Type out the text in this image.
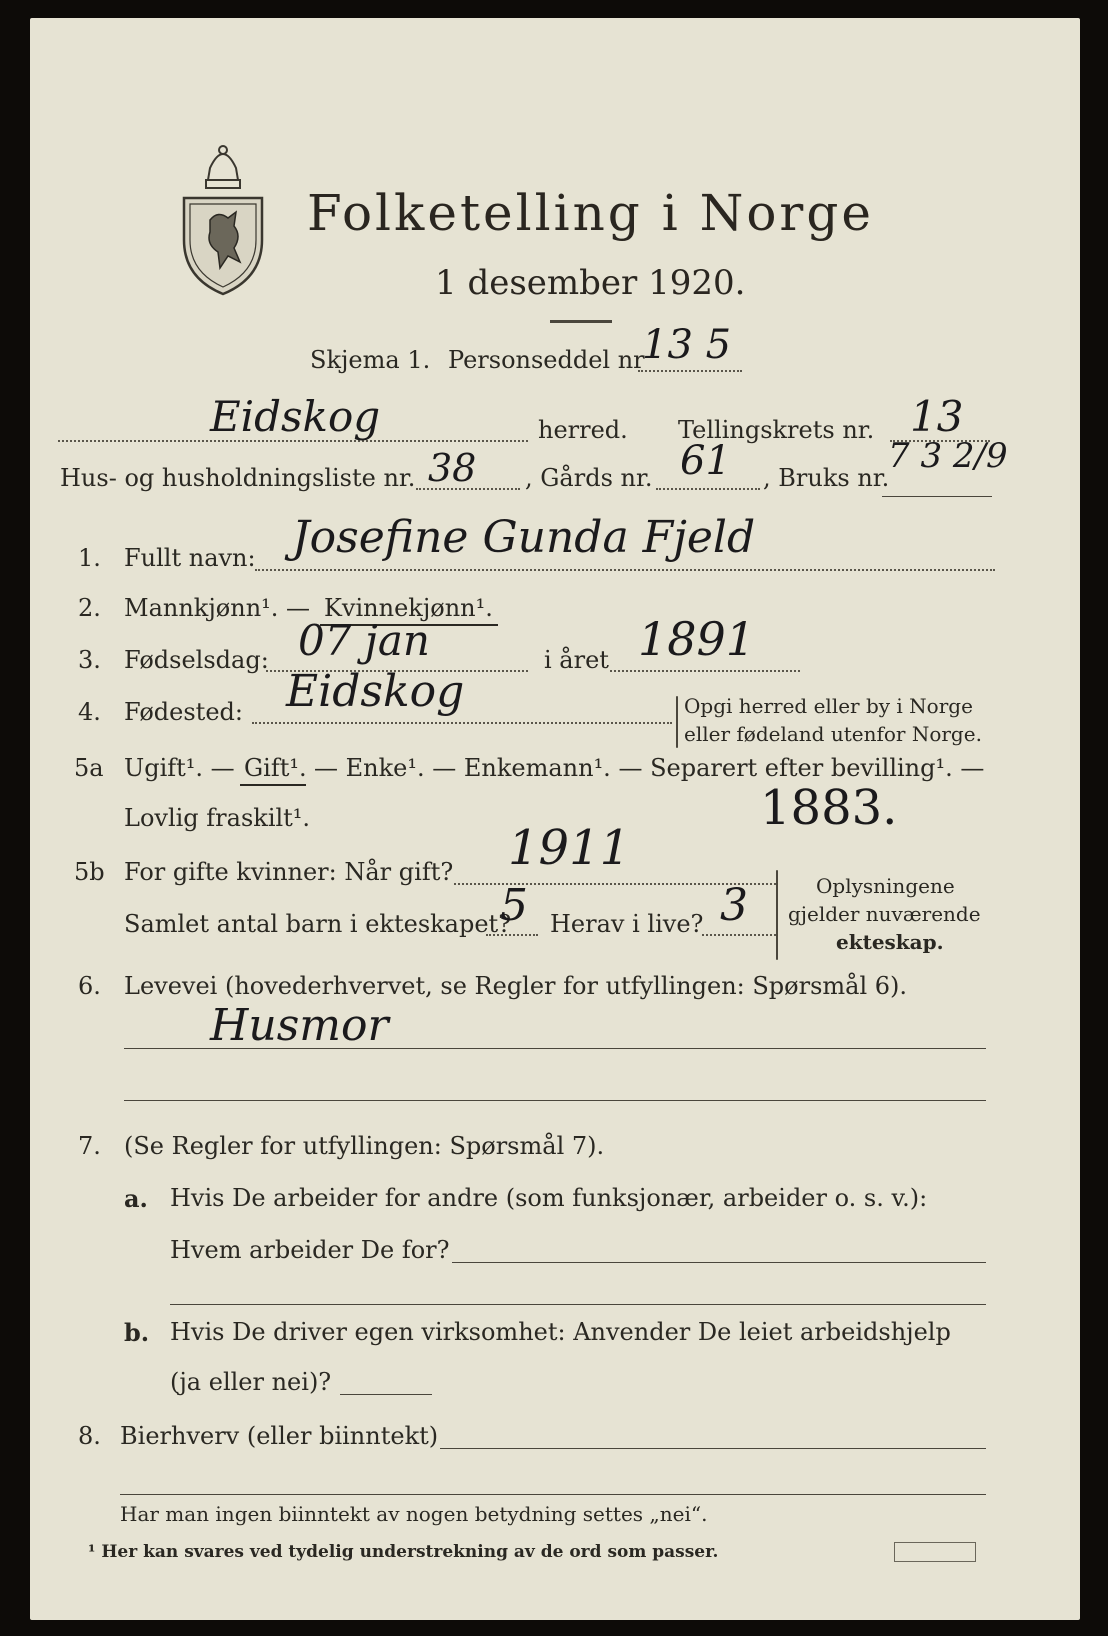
Folketelling i Norge
1 desember 1920.
Skjema 1. Personseddel nr
13 5
Eidskog	herred. Tellingskrets nr. 13
Hus- og husholdningsliste nr. 38 , Gårds nr. 61 , Bruks nr.
7 3 2/9
1. Fullt navn: Josefine Gunda Fjeld
2. Mannkjønn¹. — Kvinnekjønn¹.
3. Fødselsdag: 07 jan	i året 1891
4. Fødested: Eidskog	Opgi herred eller by i Norge
eller fødeland utenfor Norge.
5a Ugift¹. — Gift¹. — Enke¹. — Enkemann¹. — Separert efter bevilling¹. —
Lovlig fraskilt¹.	1883.
5b For gifte kvinner: Når gift? 1911
Samlet antal barn i ekteskapet?
5 Herav i live? 3	Oplysningene
gjelder nuværende
ekteskap.
6. Levevei (hovederhvervet, se Regler for utfyllingen: Spørsmål 6).
Husmor
7. (Se Regler for utfyllingen: Spørsmål 7).
a. Hvis De arbeider for andre (som funksjonær, arbeider o. s. v.):
Hvem arbeider De for?
b. Hvis De driver egen virksomhet: Anvender De leiet arbeidshjelp
(ja eller nei)?
8. Bierhverv (eller biinntekt)
Har man ingen biinntekt av nogen betydning settes „nei“.
¹ Her kan svares ved tydelig understrekning av de ord som passer.
